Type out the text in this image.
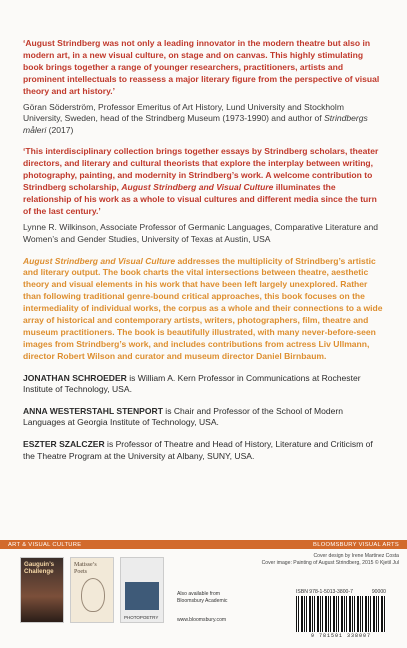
‘August Strindberg was not only a leading innovator in the modern theatre but also in modern art, in a new visual culture, on stage and on canvas. This highly stimulating book brings together a range of younger researchers, practitioners, artists and prominent intellectuals to reassess a major literary figure from the perspective of visual theory and art history.’

Göran Söderström, Professor Emeritus of Art History, Lund University and Stockholm University, Sweden, head of the Strindberg Museum (1973-1990) and author of Strindbergs måleri (2017)

‘This interdisciplinary collection brings together essays by Strindberg scholars, theater directors, and literary and cultural theorists that explore the interplay between writing, photography, painting, and modernity in Strindberg’s work. A welcome contribution to Strindberg scholarship, August Strindberg and Visual Culture illuminates the relationship of his work as a whole to visual cultures and different media since the turn of the last century.’

Lynne R. Wilkinson, Associate Professor of Germanic Languages, Comparative Literature and Women’s and Gender Studies, University of Texas at Austin, USA

August Strindberg and Visual Culture addresses the multiplicity of Strindberg’s artistic and literary output. The book charts the vital intersections between theatre, aesthetic theory and visual elements in his work that have been left largely unexplored. Rather than following traditional genre-bound critical approaches, this book focuses on the intermediality of individual works, the corpus as a whole and their connections to a wide array of historical and contemporary artists, writers, photographers, film, theatre and museum practitioners. The book is beautifully illustrated, with many never-before-seen images from Strindberg’s work, and includes contributions from actress Liv Ullmann, director Robert Wilson and curator and museum director Daniel Birnbaum.

JONATHAN SCHROEDER is William A. Kern Professor in Communications at Rochester Institute of Technology, USA.

ANNA WESTERSTAHL STENPORT is Chair and Professor of the School of Modern Languages at Georgia Institute of Technology, USA.

ESZTER SZALCZER is Professor of Theatre and Head of History, Literature and Criticism of the Theatre Program at the University at Albany, SUNY, USA.

ART & VISUAL CULTURE	BLOOMSBURY VISUAL ARTS
Gauguin’s Challenge
Matisse’s Poets
PHOTOPOETRY 1845-2015
Also available from
Bloomsbury Academic
www.bloomsbury.com
Cover design by Irene Martinez Costa
Cover image: Painting of August Strindberg, 2015 © Kjetil Jul
ISBN 978-1-5013-3800-7	90000
9 781501 338007
